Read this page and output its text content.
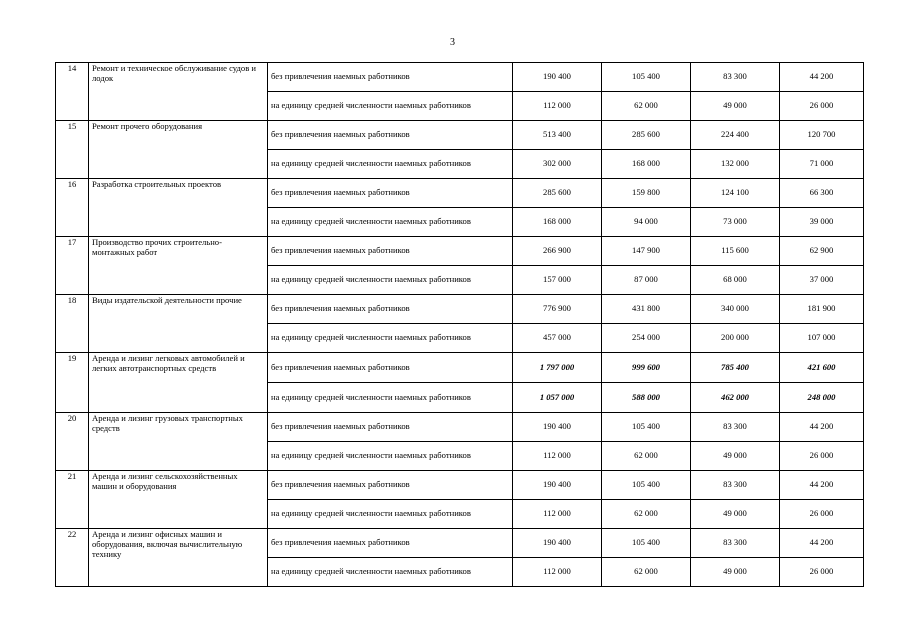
3
14	Ремонт и техническое обслуживание судов и лодок	без привлечения наемных работников	190 400	105 400	83 300	44 200
		на единицу средней численности наемных работников	112 000	62 000	49 000	26 000
15	Ремонт прочего оборудования	без привлечения наемных работников	513 400	285 600	224 400	120 700
		на единицу средней численности наемных работников	302 000	168 000	132 000	71 000
16	Разработка строительных проектов	без привлечения наемных работников	285 600	159 800	124 100	66 300
		на единицу средней численности наемных работников	168 000	94 000	73 000	39 000
17	Производство прочих строительно-монтажных работ	без привлечения наемных работников	266 900	147 900	115 600	62 900
		на единицу средней численности наемных работников	157 000	87 000	68 000	37 000
18	Виды издательской деятельности прочие	без привлечения наемных работников	776 900	431 800	340 000	181 900
		на единицу средней численности наемных работников	457 000	254 000	200 000	107 000
19	Аренда и лизинг легковых автомобилей и легких автотранспортных средств	без привлечения наемных работников	1 797 000	999 600	785 400	421 600
		на единицу средней численности наемных работников	1 057 000	588 000	462 000	248 000
20	Аренда и лизинг грузовых транспортных средств	без привлечения наемных работников	190 400	105 400	83 300	44 200
		на единицу средней численности наемных работников	112 000	62 000	49 000	26 000
21	Аренда и лизинг сельскохозяйственных машин и оборудования	без привлечения наемных работников	190 400	105 400	83 300	44 200
		на единицу средней численности наемных работников	112 000	62 000	49 000	26 000
22	Аренда и лизинг офисных машин и оборудования, включая вычислительную технику	без привлечения наемных работников	190 400	105 400	83 300	44 200
		на единицу средней численности наемных работников	112 000	62 000	49 000	26 000
